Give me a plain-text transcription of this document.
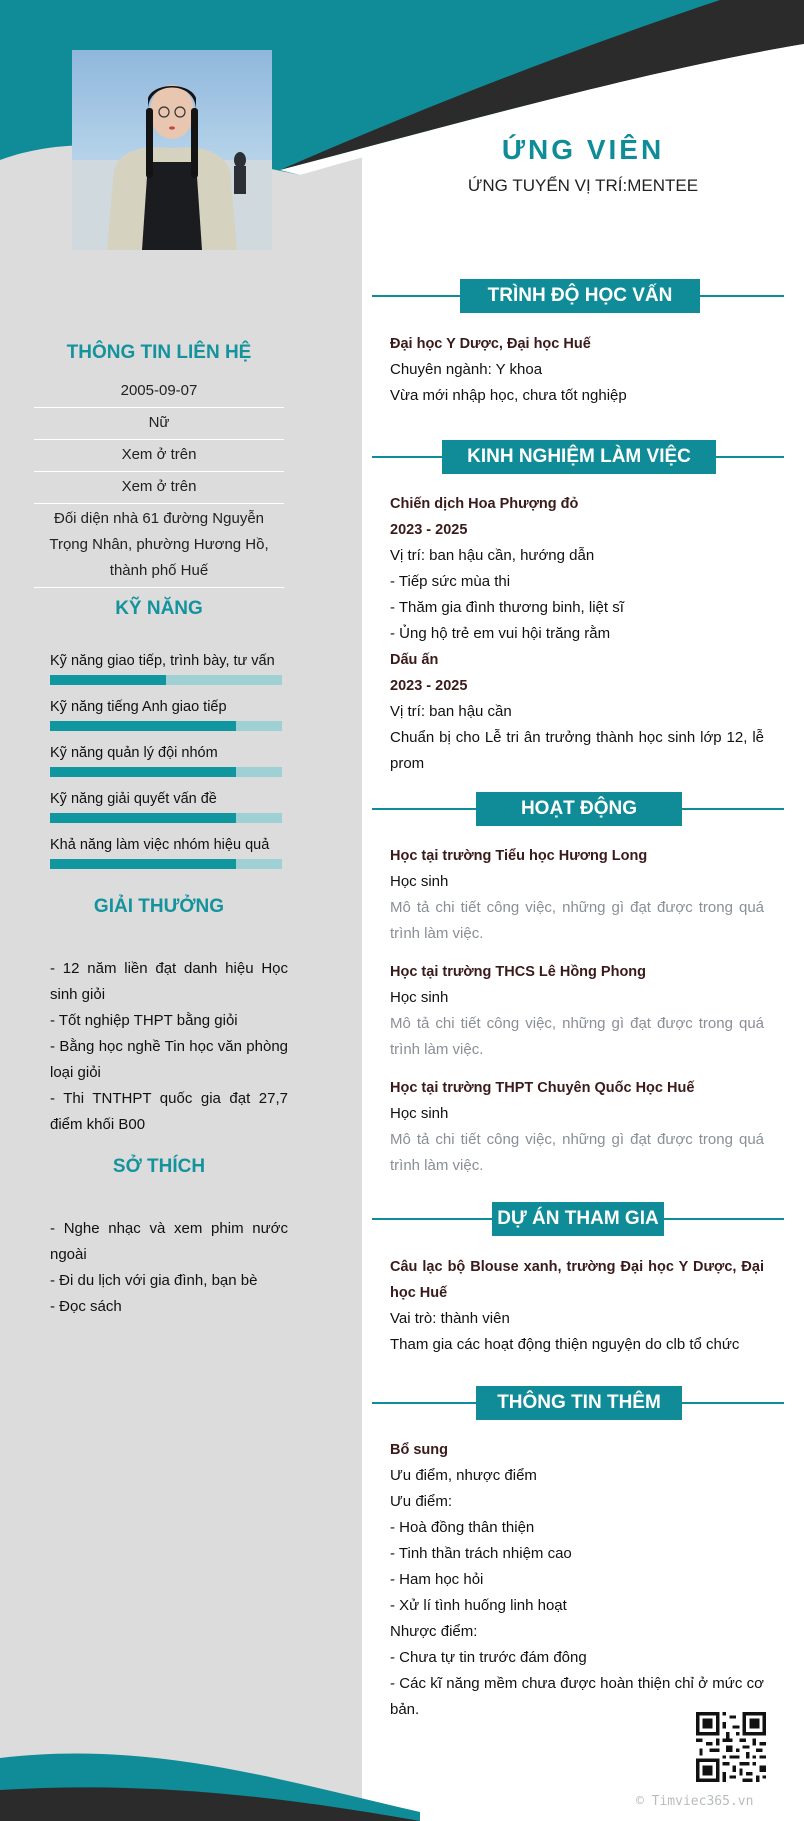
ỨNG VIÊN
ỨNG TUYỂN VỊ TRÍ:MENTEE
THÔNG TIN LIÊN HỆ
2005-09-07
Nữ
Xem ở trên
Xem ở trên
Đối diện nhà 61 đường Nguyễn Trọng Nhân, phường Hương Hồ, thành phố Huế
KỸ NĂNG
Kỹ năng giao tiếp, trình bày, tư vấn
Kỹ năng tiếng Anh giao tiếp
Kỹ năng quản lý đội nhóm
Kỹ năng giải quyết vấn đề
Khả năng làm việc nhóm hiệu quả
GIẢI THƯỞNG
- 12 năm liền đạt danh hiệu Học sinh giỏi
- Tốt nghiệp THPT bằng giỏi
- Bằng học nghề Tin học văn phòng loại giỏi
- Thi TNTHPT quốc gia đạt 27,7 điểm khối B00
SỞ THÍCH
- Nghe nhạc và xem phim nước ngoài
- Đi du lịch với gia đình, bạn bè
- Đọc sách
TRÌNH ĐỘ HỌC VẤN
Đại học Y Dược, Đại học Huế
Chuyên ngành: Y khoa
Vừa mới nhập học, chưa tốt nghiệp
KINH NGHIỆM LÀM VIỆC
Chiến dịch Hoa Phượng đỏ
2023 - 2025
Vị trí: ban hậu cần, hướng dẫn
- Tiếp sức mùa thi
- Thăm gia đình thương binh, liệt sĩ
- Ủng hộ trẻ em vui hội trăng rằm
Dấu ấn
2023 - 2025
Vị trí: ban hậu cần
Chuẩn bị cho Lễ tri ân trưởng thành học sinh lớp 12, lễ prom
HOẠT ĐỘNG
Học tại trường Tiểu học Hương Long
Học sinh
Mô tả chi tiết công việc, những gì đạt được trong quá trình làm việc.
Học tại trường THCS Lê Hồng Phong
Học sinh
Mô tả chi tiết công việc, những gì đạt được trong quá trình làm việc.
Học tại trường THPT Chuyên Quốc Học Huế
Học sinh
Mô tả chi tiết công việc, những gì đạt được trong quá trình làm việc.
DỰ ÁN THAM GIA
Câu lạc bộ Blouse xanh, trường Đại học Y Dược, Đại học Huế
Vai trò: thành viên
Tham gia các hoạt động thiện nguyện do clb tổ chức
THÔNG TIN THÊM
Bổ sung
Ưu điểm, nhược điểm
Ưu điểm:
- Hoà đồng thân thiện
- Tinh thần trách nhiệm cao
- Ham học hỏi
- Xử lí tình huống linh hoạt
Nhược điểm:
- Chưa tự tin trước đám đông
- Các kĩ năng mềm chưa được hoàn thiện chỉ ở mức cơ bản.
© Timviec365.vn
